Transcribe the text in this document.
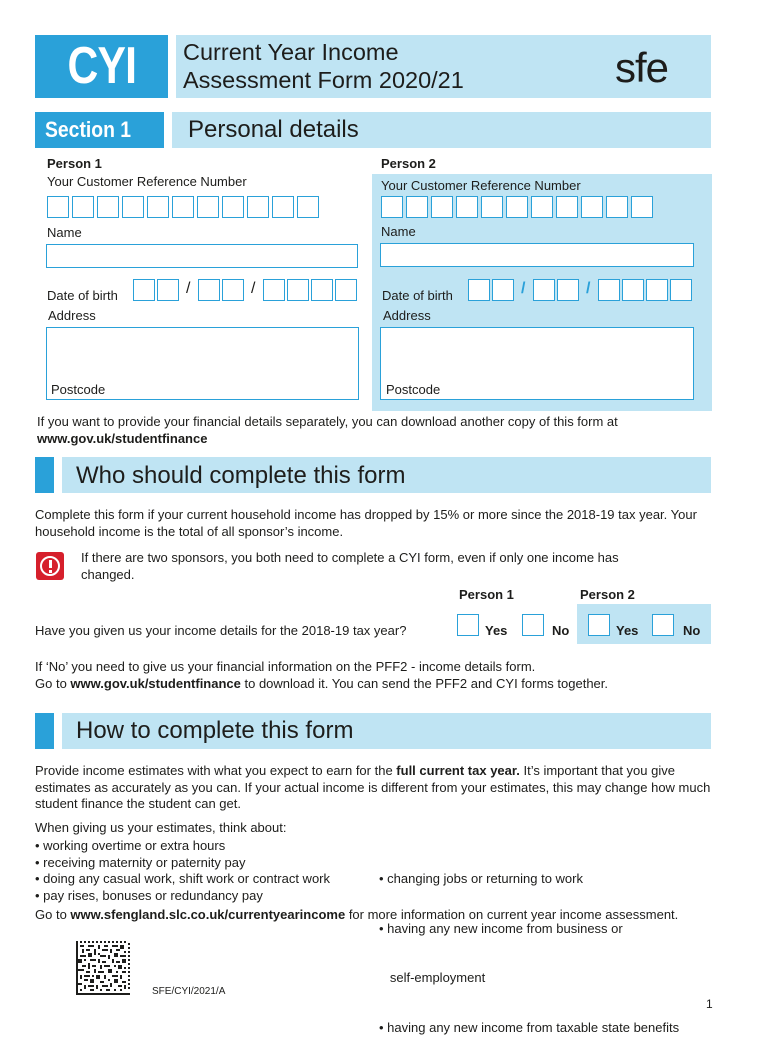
CYI	Current Year Income
Assessment Form 2020/21	sfe
Section 1	Personal details
Person 1
Your Customer Reference Number
Name
Date of birth	/	/
Address
Postcode
Person 2
Your Customer Reference Number
Name
Date of birth	/	/
Address
Postcode
If you want to provide your financial details separately, you can download another copy of this form at
www.gov.uk/studentfinance
Who should complete this form
Complete this form if your current household income has dropped by 15% or more since the 2018-19 tax year. Your household income is the total of all sponsor’s income.
If there are two sponsors, you both need to complete a CYI form, even if only one income has changed.
Person 1	Person 2
Have you given us your income details for the 2018-19 tax year?	Yes	No	Yes	No
If ‘No’ you need to give us your financial information on the PFF2 - income details form.
Go to www.gov.uk/studentfinance to download it. You can send the PFF2 and CYI forms together.
How to complete this form
Provide income estimates with what you expect to earn for the full current tax year. It’s important that you give estimates as accurately as you can. If your actual income is different from your estimates, this may change how much student finance the student can get.
When giving us your estimates, think about:
• working overtime or extra hours
• receiving maternity or paternity pay
• doing any casual work, shift work or contract work
• pay rises, bonuses or redundancy pay

• changing jobs or returning to work

• having any new income from business or

self-employment

• having any new income from taxable state benefits

Go to www.sfengland.slc.co.uk/currentyearincome for more information on current year income assessment.
SFE/CYI/2021/A
1
